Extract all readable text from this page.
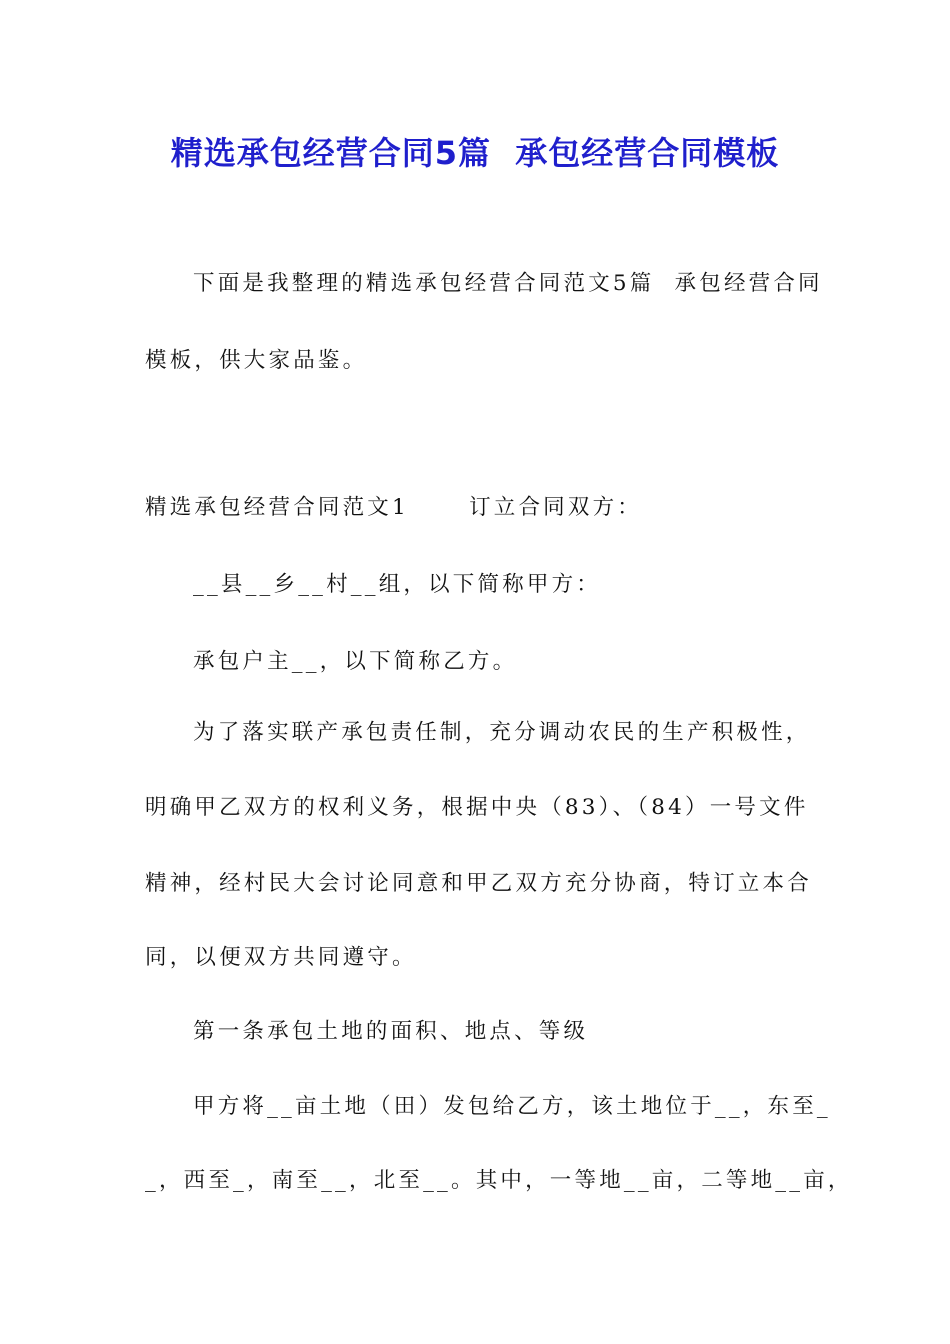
精选承包经营合同5篇  承包经营合同模板
下面是我整理的精选承包经营合同范文5篇  承包经营合同
模板，供大家品鉴。
精选承包经营合同范文1      订立合同双方：
__县__乡__村__组，以下简称甲方：
承包户主__，以下简称乙方。
为了落实联产承包责任制，充分调动农民的生产积极性，
明确甲乙双方的权利义务，根据中央（83）、（84）一号文件
精神，经村民大会讨论同意和甲乙双方充分协商，特订立本合
同，以便双方共同遵守。
第一条承包土地的面积、地点、等级
甲方将__亩土地（田）发包给乙方，该土地位于__，东至_
_，西至_，南至__，北至__。其中，一等地__亩，二等地__亩，
